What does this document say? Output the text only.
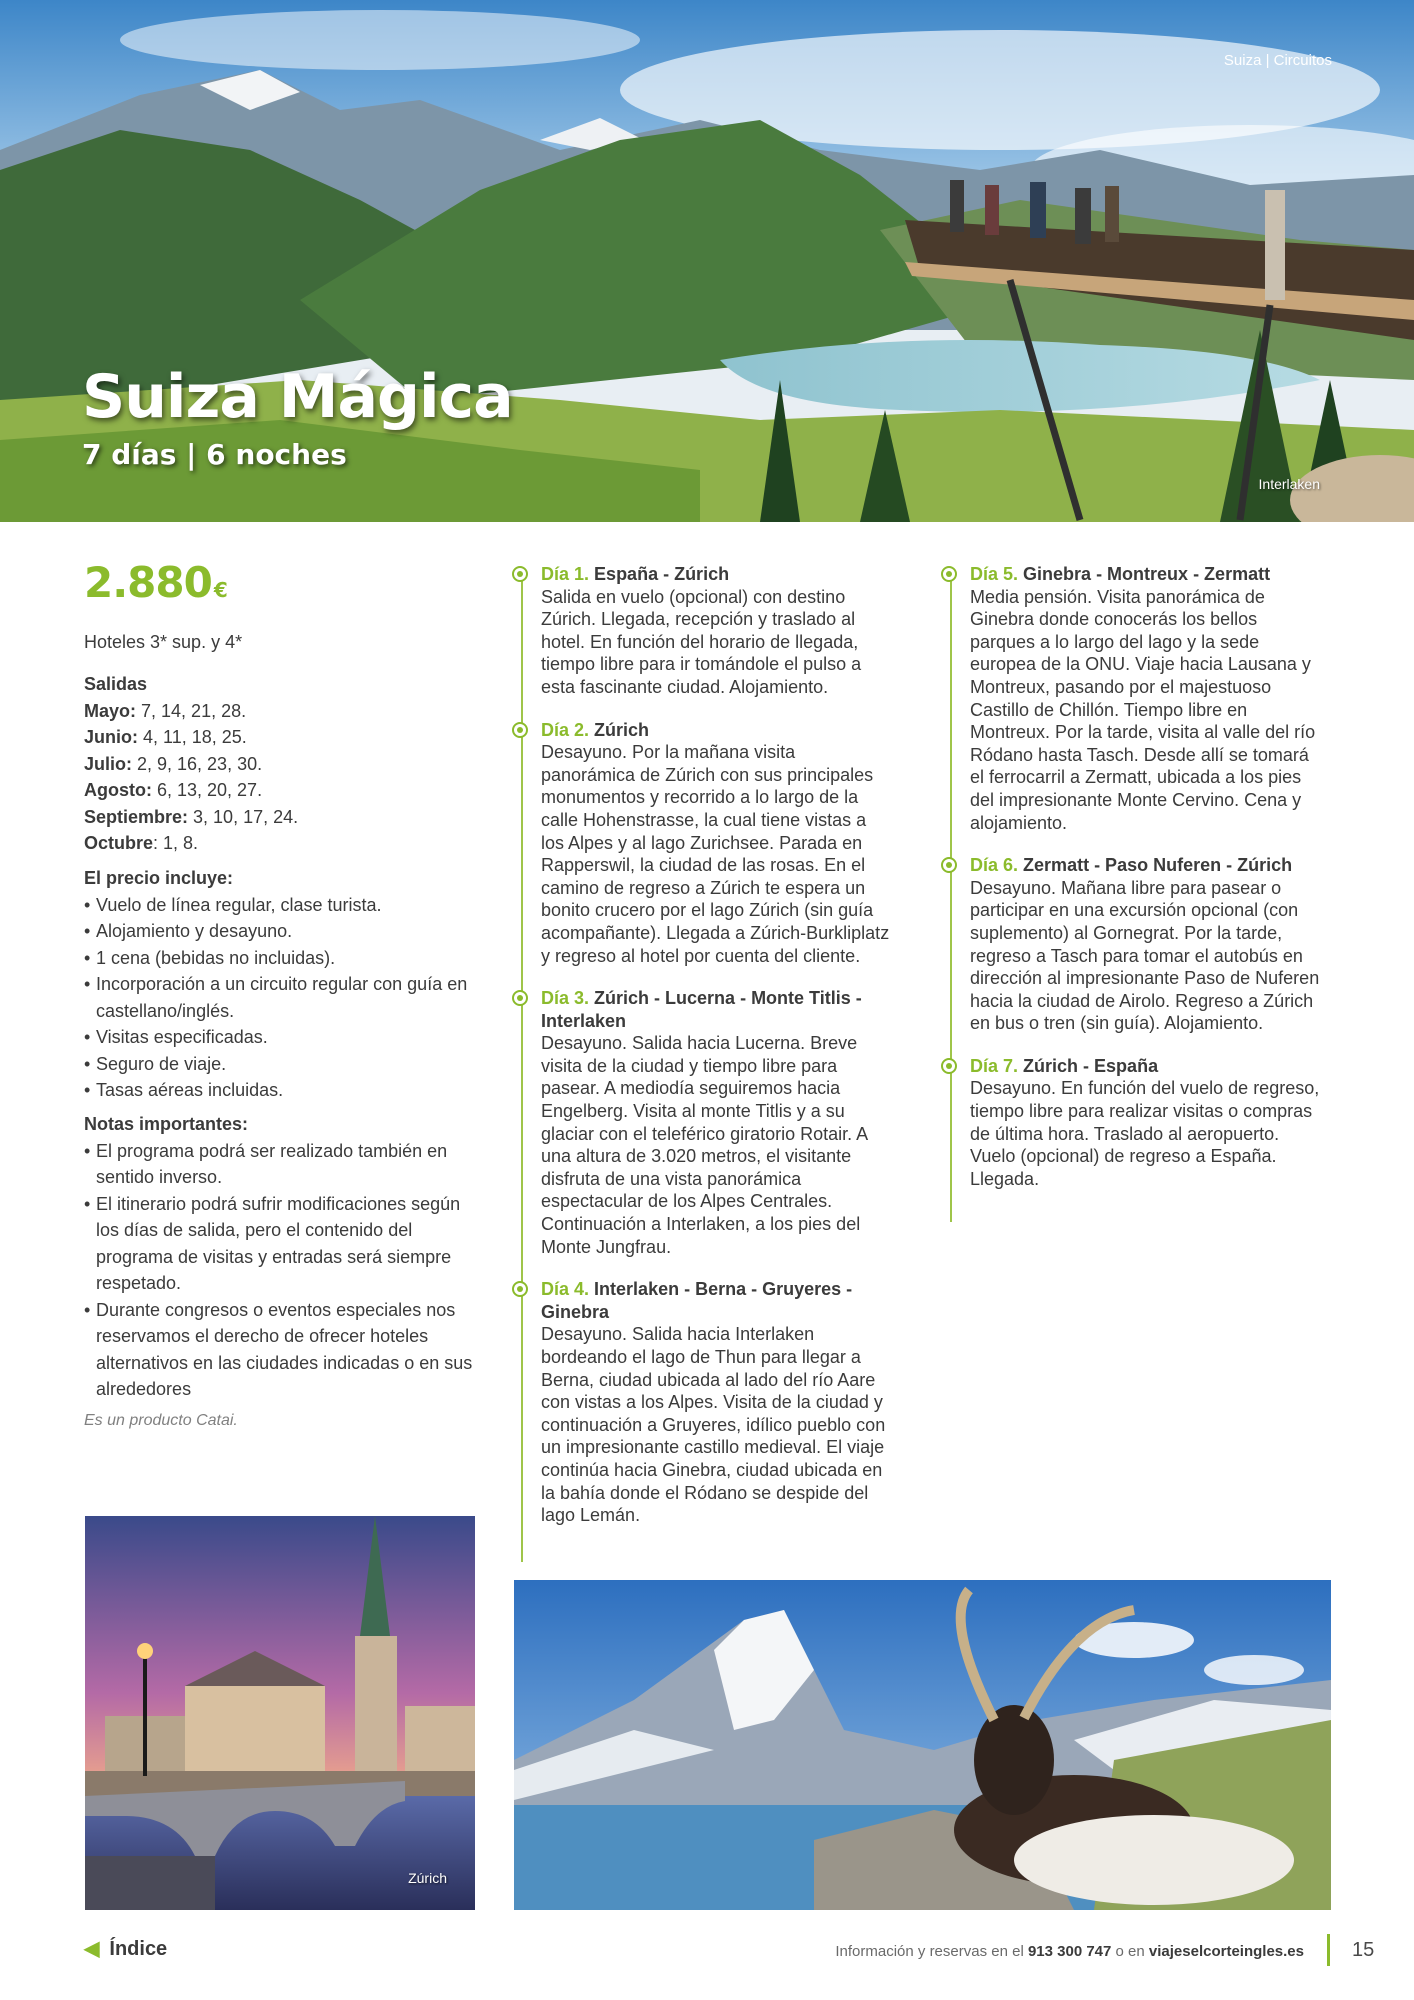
Suiza | Circuitos
Suiza Mágica
7 días | 6 noches
Interlaken
2.880 €
Hoteles 3* sup. y 4*
Salidas
Mayo: 7, 14, 21, 28.
Junio: 4, 11, 18, 25.
Julio: 2, 9, 16, 23, 30.
Agosto: 6, 13, 20, 27.
Septiembre: 3, 10, 17, 24.
Octubre: 1, 8.
El precio incluye:
• Vuelo de línea regular, clase turista.
• Alojamiento y desayuno.
• 1 cena (bebidas no incluidas).
• Incorporación a un circuito regular con guía en castellano/inglés.
• Visitas especificadas.
• Seguro de viaje.
• Tasas aéreas incluidas.
Notas importantes:
• El programa podrá ser realizado también en sentido inverso.
• El itinerario podrá sufrir modificaciones según los días de salida, pero el contenido del programa de visitas y entradas será siempre respetado.
• Durante congresos o eventos especiales nos reservamos el derecho de ofrecer hoteles alternativos en las ciudades indicadas o en sus alrededores
Es un producto Catai.
Día 1. España - Zúrich
Salida en vuelo (opcional) con destino Zúrich. Llegada, recepción y traslado al hotel. En función del horario de llegada, tiempo libre para ir tomándole el pulso a esta fascinante ciudad. Alojamiento.
Día 2. Zúrich
Desayuno. Por la mañana visita panorámica de Zúrich con sus principales monumentos y recorrido a lo largo de la calle Hohenstrasse, la cual tiene vistas a los Alpes y al lago Zurichsee. Parada en Rapperswil, la ciudad de las rosas. En el camino de regreso a Zúrich te espera un bonito crucero por el lago Zúrich (sin guía acompañante). Llegada a Zúrich-Burkliplatz y regreso al hotel por cuenta del cliente.
Día 3. Zúrich - Lucerna - Monte Titlis - Interlaken
Desayuno. Salida hacia Lucerna. Breve visita de la ciudad y tiempo libre para pasear. A mediodía seguiremos hacia Engelberg. Visita al monte Titlis y a su glaciar con el teleférico giratorio Rotair. A una altura de 3.020 metros, el visitante disfruta de una vista panorámica espectacular de los Alpes Centrales. Continuación a Interlaken, a los pies del Monte Jungfrau.
Día 4. Interlaken - Berna - Gruyeres - Ginebra
Desayuno. Salida hacia Interlaken bordeando el lago de Thun para llegar a Berna, ciudad ubicada al lado del río Aare con vistas a los Alpes. Visita de la ciudad y continuación a Gruyeres, idílico pueblo con un impresionante castillo medieval. El viaje continúa hacia Ginebra, ciudad ubicada en la bahía donde el Ródano se despide del lago Lemán.
Día 5. Ginebra - Montreux - Zermatt
Media pensión. Visita panorámica de Ginebra donde conocerás los bellos parques a lo largo del lago y la sede europea de la ONU. Viaje hacia Lausana y Montreux, pasando por el majestuoso Castillo de Chillón. Tiempo libre en Montreux. Por la tarde, visita al valle del río Ródano hasta Tasch. Desde allí se tomará el ferrocarril a Zermatt, ubicada a los pies del impresionante Monte Cervino. Cena y alojamiento.
Día 6. Zermatt - Paso Nuferen - Zúrich
Desayuno. Mañana libre para pasear o participar en una excursión opcional (con suplemento) al Gornegrat. Por la tarde, regreso a Tasch para tomar el autobús en dirección al impresionante Paso de Nuferen hacia la ciudad de Airolo. Regreso a Zúrich en bus o tren (sin guía). Alojamiento.
Día 7. Zúrich - España
Desayuno. En función del vuelo de regreso, tiempo libre para realizar visitas o compras de última hora. Traslado al aeropuerto. Vuelo (opcional) de regreso a España. Llegada.
Zúrich
◀ Índice	Información y reservas en el 913 300 747 o en viajeselcorteingles.es 15
